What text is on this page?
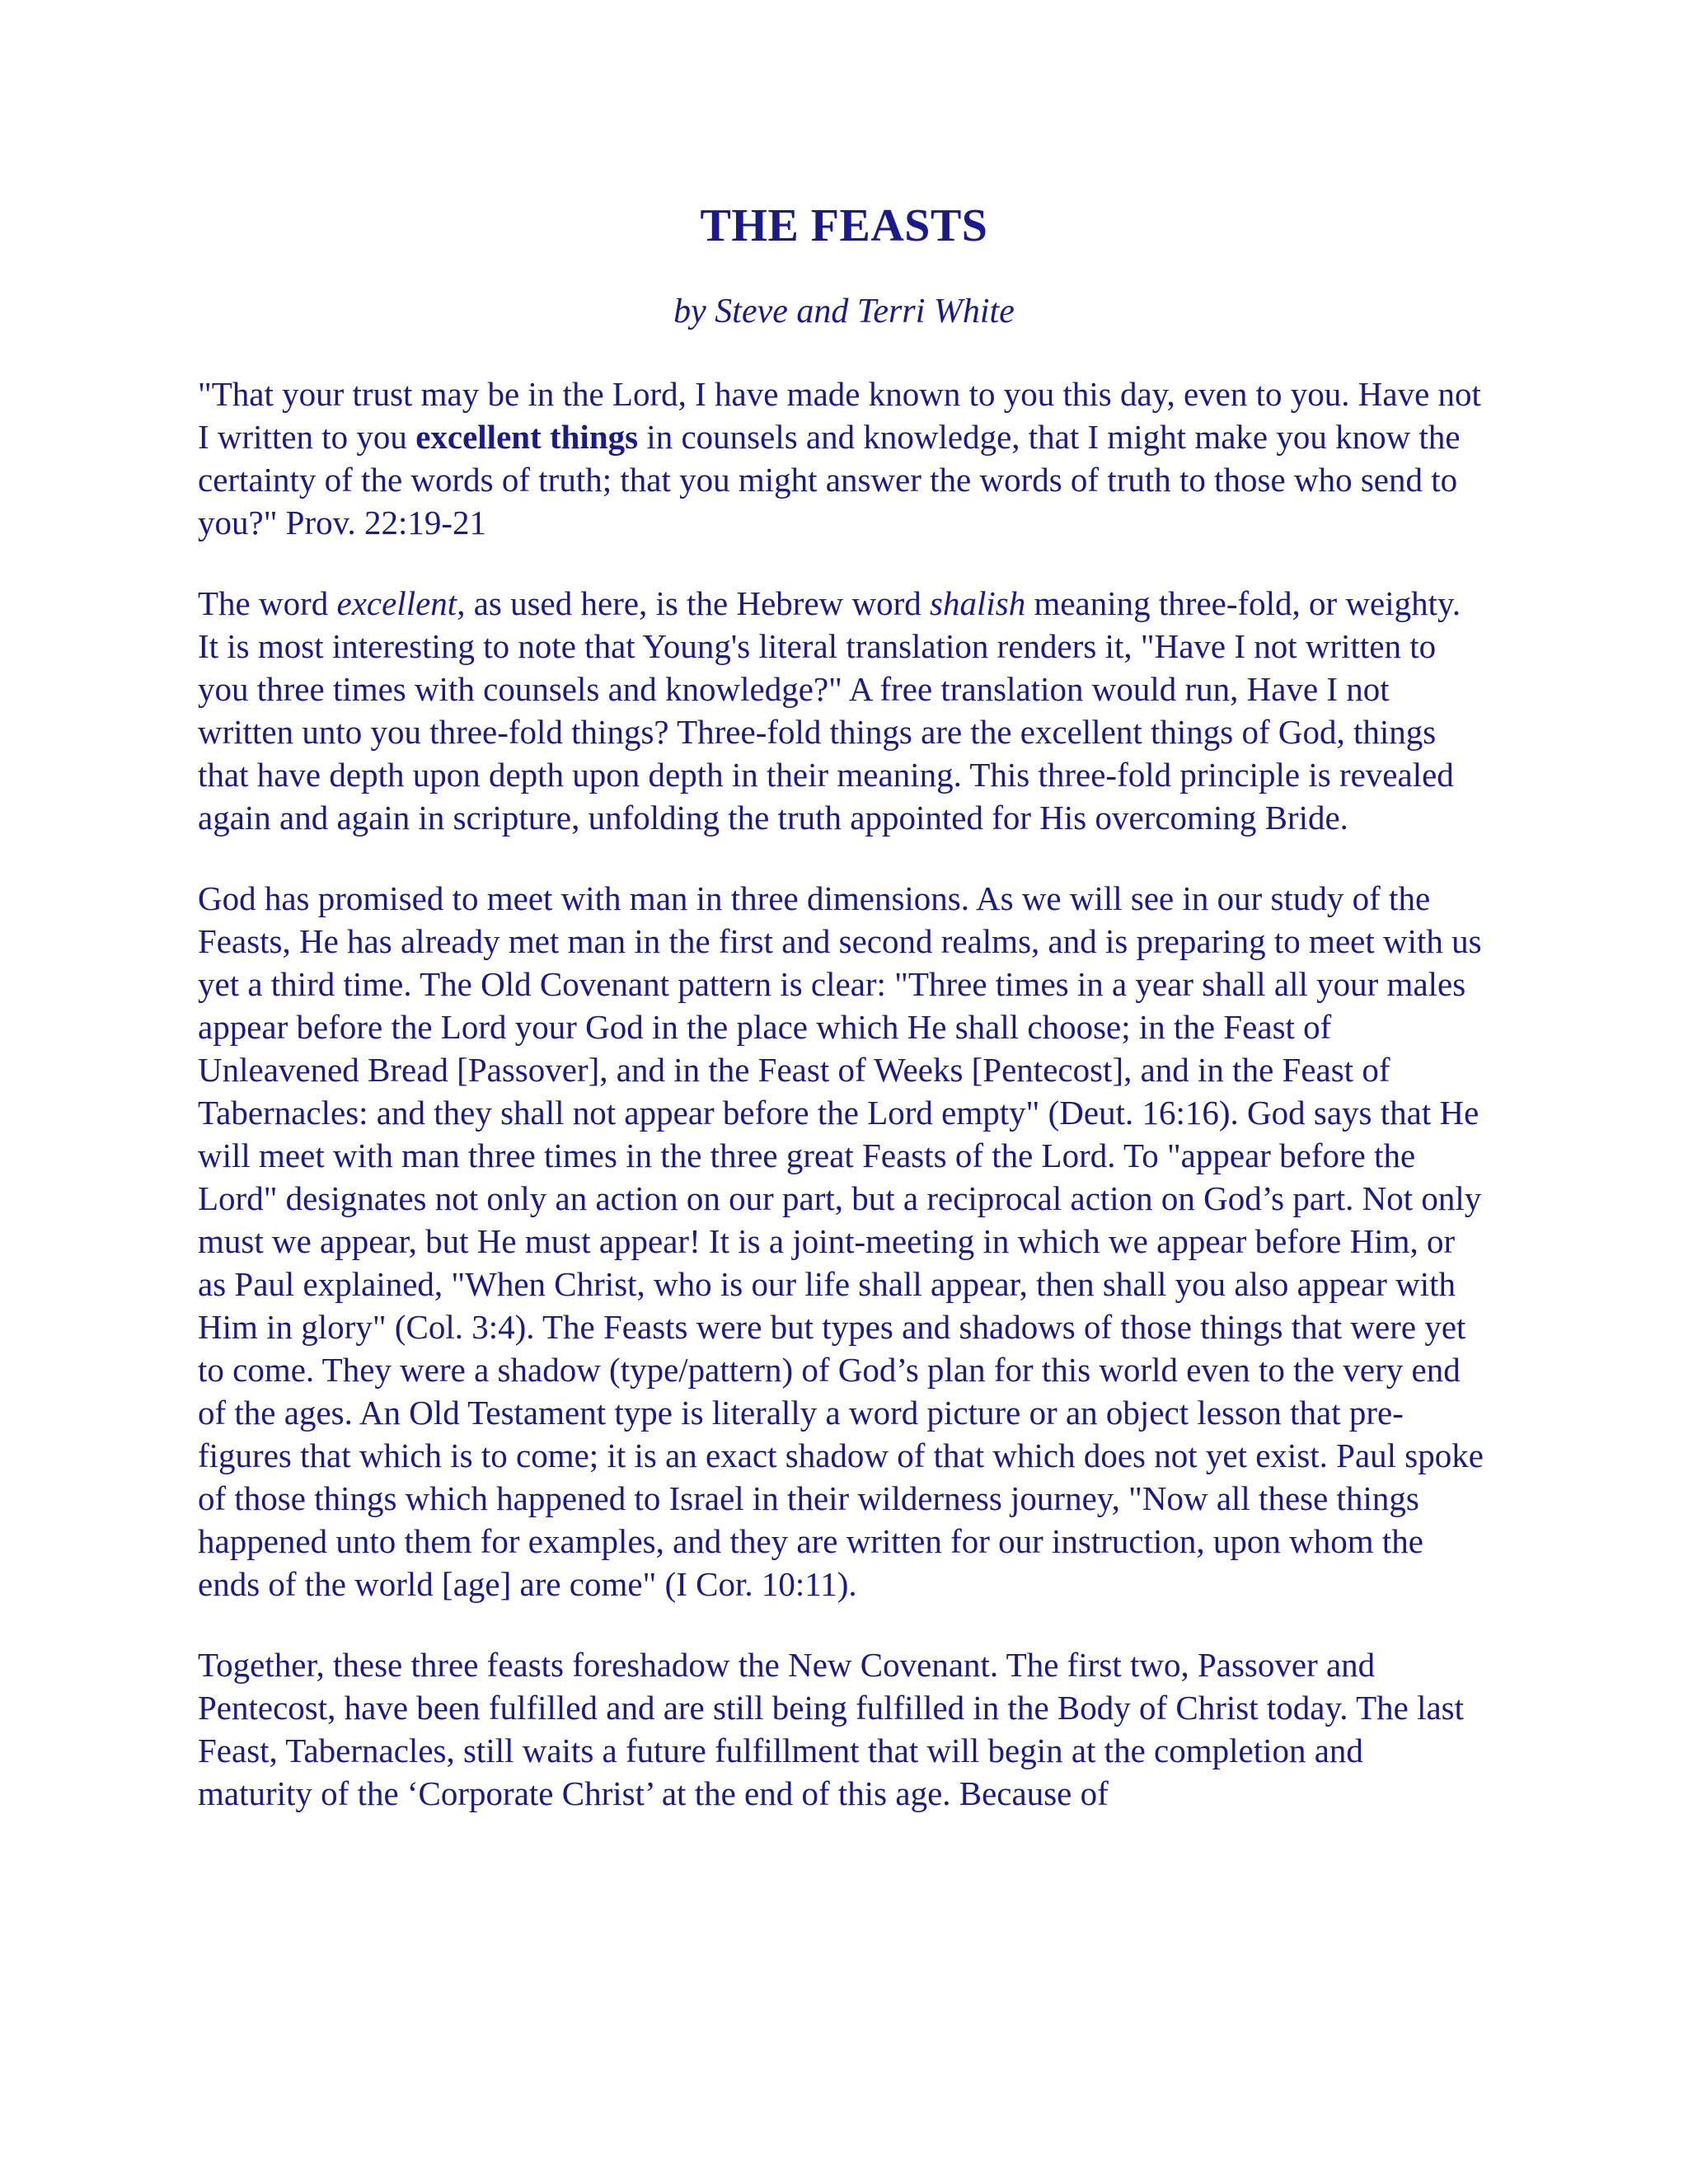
THE FEASTS
by Steve and Terri White

"That your trust may be in the Lord, I have made known to you this day, even to you. Have not I written to you excellent things in counsels and knowledge, that I might make you know the certainty of the words of truth; that you might answer the words of truth to those who send to you?" Prov. 22:19-21

The word excellent, as used here, is the Hebrew word shalish meaning three-fold, or weighty. It is most interesting to note that Young's literal translation renders it, "Have I not written to you three times with counsels and knowledge?" A free translation would run, Have I not written unto you three-fold things? Three-fold things are the excellent things of God, things that have depth upon depth upon depth in their meaning. This three-fold principle is revealed again and again in scripture, unfolding the truth appointed for His overcoming Bride.

God has promised to meet with man in three dimensions. As we will see in our study of the Feasts, He has already met man in the first and second realms, and is preparing to meet with us yet a third time. The Old Covenant pattern is clear: "Three times in a year shall all your males appear before the Lord your God in the place which He shall choose; in the Feast of Unleavened Bread [Passover], and in the Feast of Weeks [Pentecost], and in the Feast of Tabernacles: and they shall not appear before the Lord empty" (Deut. 16:16). God says that He will meet with man three times in the three great Feasts of the Lord. To "appear before the Lord" designates not only an action on our part, but a reciprocal action on God’s part. Not only must we appear, but He must appear! It is a joint-meeting in which we appear before Him, or as Paul explained, "When Christ, who is our life shall appear, then shall you also appear with Him in glory" (Col. 3:4). The Feasts were but types and shadows of those things that were yet to come. They were a shadow (type/pattern) of God’s plan for this world even to the very end of the ages. An Old Testament type is literally a word picture or an object lesson that pre-figures that which is to come; it is an exact shadow of that which does not yet exist. Paul spoke of those things which happened to Israel in their wilderness journey, "Now all these things happened unto them for examples, and they are written for our instruction, upon whom the ends of the world [age] are come" (I Cor. 10:11).

Together, these three feasts foreshadow the New Covenant. The first two, Passover and Pentecost, have been fulfilled and are still being fulfilled in the Body of Christ today. The last Feast, Tabernacles, still waits a future fulfillment that will begin at the completion and maturity of the ‘Corporate Christ’ at the end of this age. Because of
